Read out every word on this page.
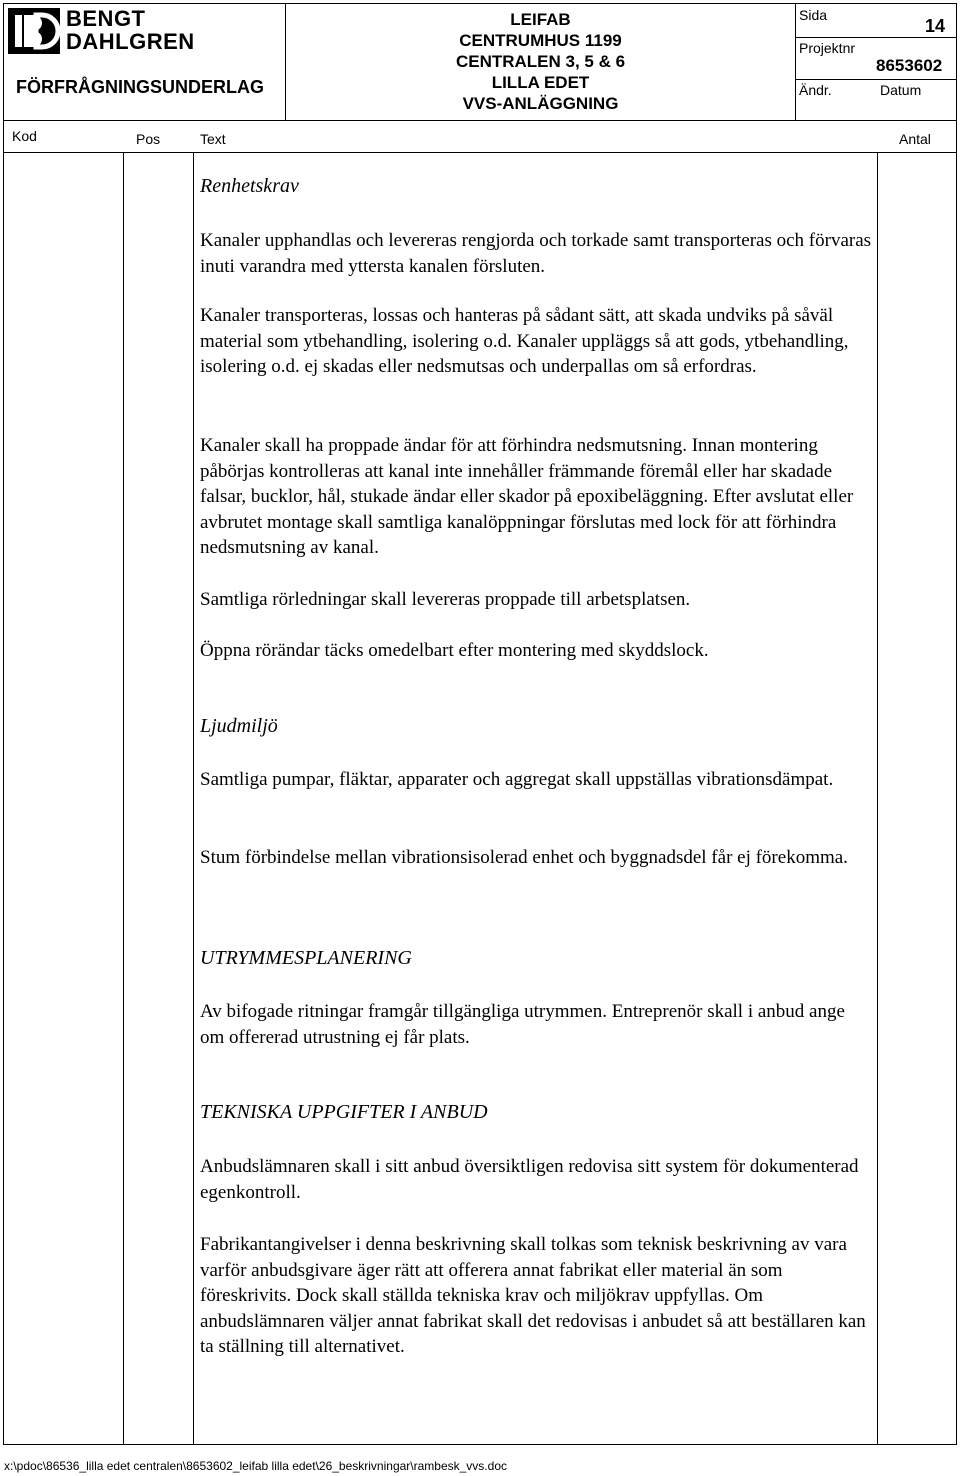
BENGT
DAHLGREN
FÖRFRÅGNINGSUNDERLAG
LEIFAB
CENTRUMHUS 1199
CENTRALEN 3, 5 & 6
LILLA EDET
VVS-ANLÄGGNING
Sida
14
Projektnr
8653602
Ändr.	Datum
Kod	Pos	Text	Antal
Renhetskrav
Kanaler upphandlas och levereras rengjorda och torkade samt transporteras och förvaras inuti varandra med yttersta kanalen försluten.
Kanaler transporteras, lossas och hanteras på sådant sätt, att skada undviks på såväl material som ytbehandling, isolering o.d. Kanaler uppläggs så att gods, ytbehandling, isolering o.d. ej skadas eller nedsmutsas och underpallas om så erfordras.
Kanaler skall ha proppade ändar för att förhindra nedsmutsning. Innan montering påbörjas kontrolleras att kanal inte innehåller främmande föremål eller har skadade falsar, bucklor, hål, stukade ändar eller skador på epoxibeläggning. Efter avslutat eller avbrutet montage skall samtliga kanalöppningar förslutas med lock för att förhindra nedsmutsning av kanal.
Samtliga rörledningar skall levereras proppade till arbetsplatsen.
Öppna rörändar täcks omedelbart efter montering med skyddslock.
Ljudmiljö
Samtliga pumpar, fläktar, apparater och aggregat skall uppställas vibrationsdämpat.
Stum förbindelse mellan vibrationsisolerad enhet och byggnadsdel får ej förekomma.
UTRYMMESPLANERING
Av bifogade ritningar framgår tillgängliga utrymmen. Entreprenör skall i anbud ange om offererad utrustning ej får plats.
TEKNISKA UPPGIFTER I ANBUD
Anbudslämnaren skall i sitt anbud översiktligen redovisa sitt system för dokumenterad egenkontroll.
Fabrikantangivelser i denna beskrivning skall tolkas som teknisk beskrivning av vara varför anbudsgivare äger rätt att offerera annat fabrikat eller material än som föreskrivits. Dock skall ställda tekniska krav och miljökrav uppfyllas. Om anbudslämnaren väljer annat fabrikat skall det redovisas i anbudet så att beställaren kan ta ställning till alternativet.
x:\pdoc\86536_lilla edet centralen\8653602_leifab lilla edet\26_beskrivningar\rambesk_vvs.doc
